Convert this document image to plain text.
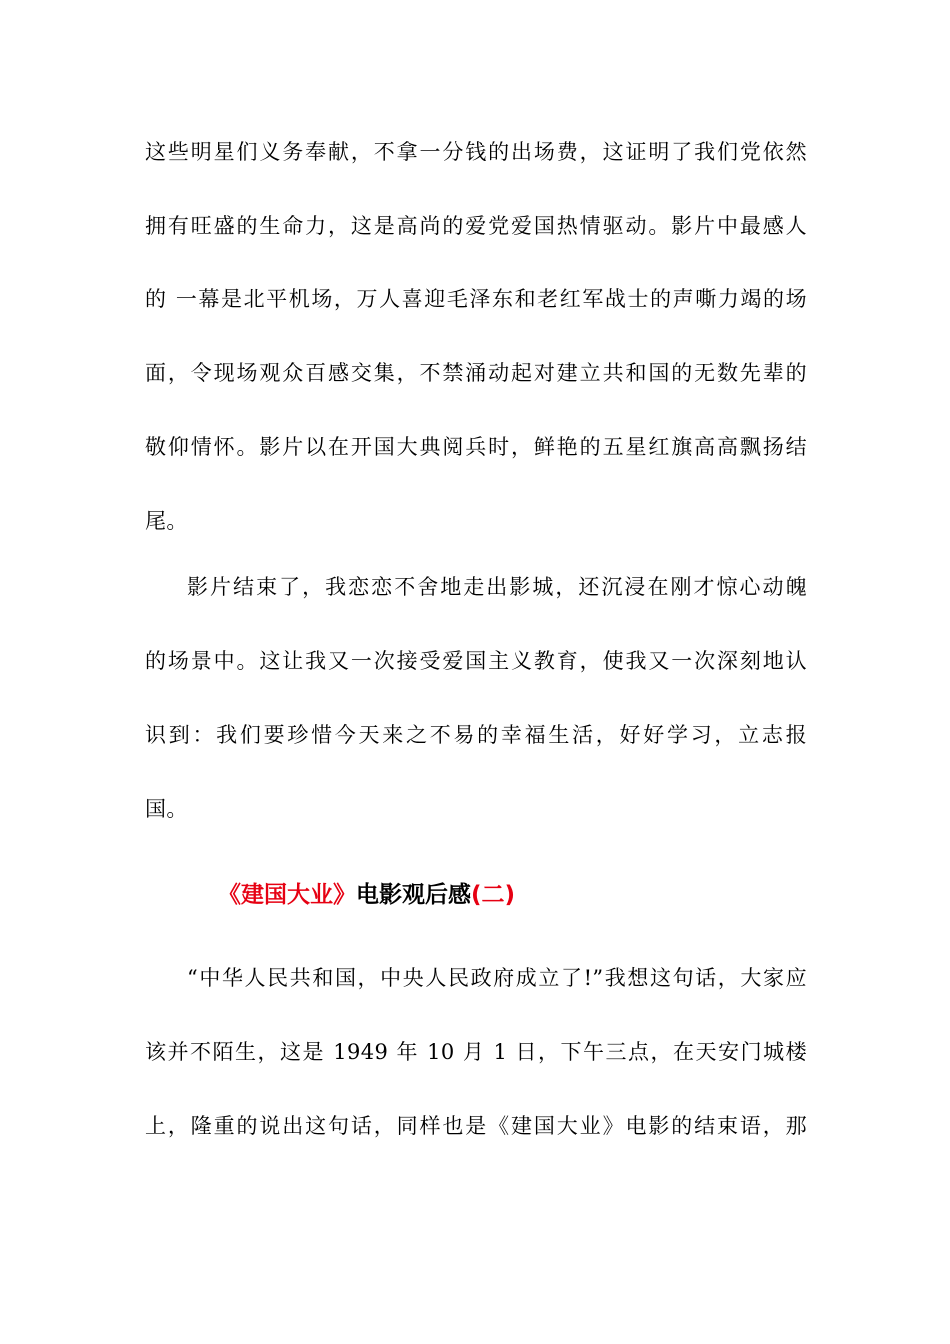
这些明星们义务奉献，不拿一分钱的出场费，这证明了我们党依然
拥有旺盛的生命力，这是高尚的爱党爱国热情驱动。影片中最感人
的 一幕是北平机场，万人喜迎毛泽东和老红军战士的声嘶力竭的场
面，令现场观众百感交集，不禁涌动起对建立共和国的无数先辈的
敬仰情怀。影片以在开国大典阅兵时，鲜艳的五星红旗高高飘扬结
尾。
影片结束了，我恋恋不舍地走出影城，还沉浸在刚才惊心动魄
的场景中。这让我又一次接受爱国主义教育，使我又一次深刻地认
识到：我们要珍惜今天来之不易的幸福生活，好好学习，立志报
国。
《建国大业》电影观后感(二)
“中华人民共和国，中央人民政府成立了!”我想这句话，大家应
该并不陌生，这是 1949 年 10 月 1 日，下午三点，在天安门城楼
上，隆重的说出这句话，同样也是《建国大业》电影的结束语，那
